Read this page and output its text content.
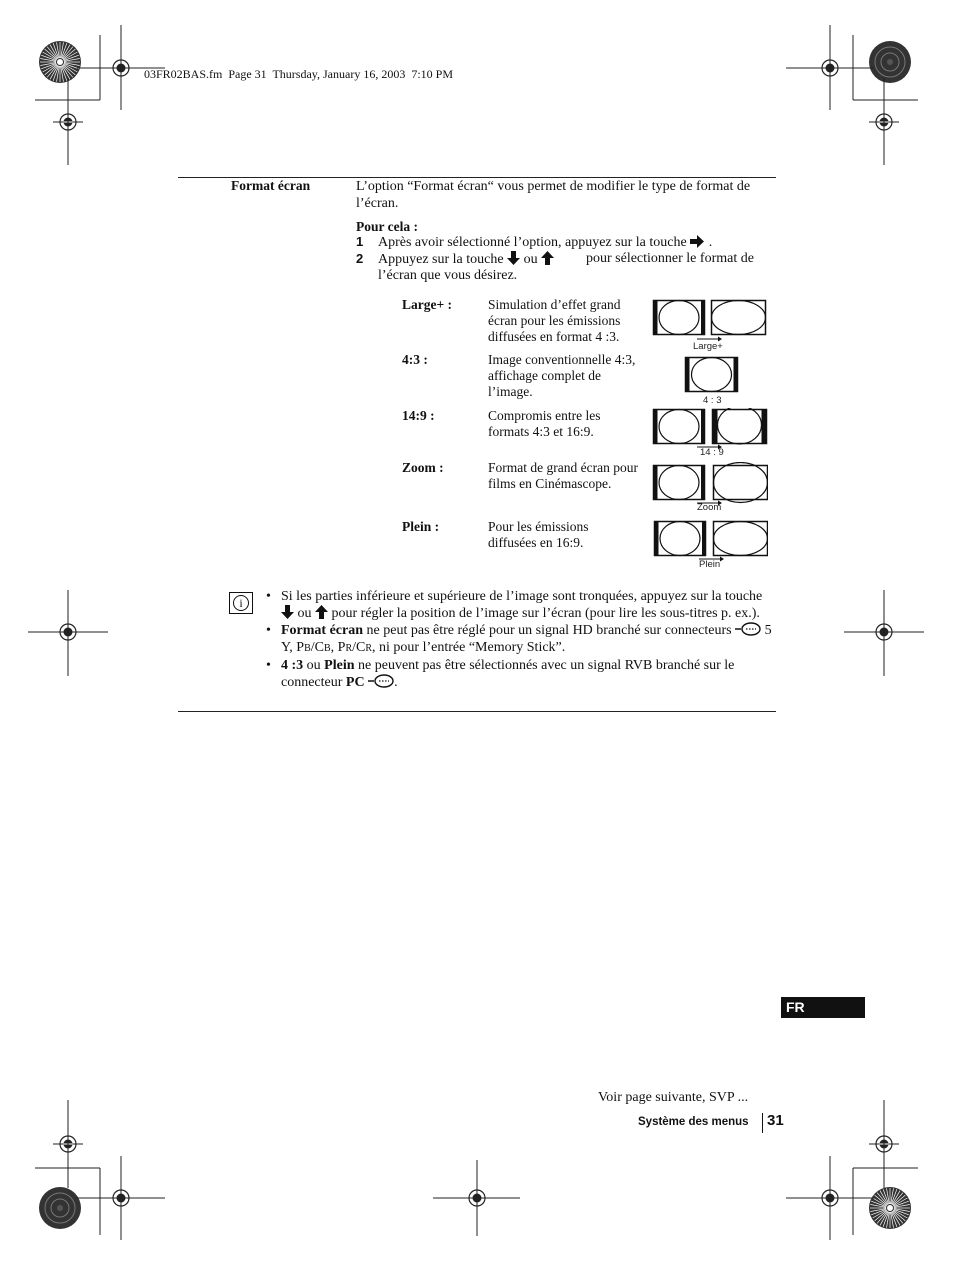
03FR02BAS.fm  Page 31  Thursday, January 16, 2003  7:10 PM
Format écran	L’option “Format écran“ vous permet de modifier le type de format de l’écran.
Pour cela :
1 Après avoir sélectionné l’option, appuyez sur la touche .
2 Appuyez sur la touche ou	pour sélectionner le format de l’écran que vous désirez.
Large+ :	Simulation d’effet grand écran pour les émissions diffusées en format 4 :3.
4:3 :	Image conventionnelle 4:3, affichage complet de l’image.
14:9 :	Compromis entre les formats 4:3 et 16:9.
Zoom :	Format de grand écran pour films en Cinémascope.
Plein :	Pour les émissions diffusées en 16:9.
Large+
4 : 3
14 : 9
Zoom
Plein
i	• Si les parties inférieure et supérieure de l’image sont tronquées, appuyez sur la touche  ou pour régler la position de l’image sur l’écran (pour lire les sous-titres p. ex.).
• Format écran ne peut pas être réglé pour un signal HD branché sur connecteurs 5 Y, PB/CB, PR/CR, ni pour l’entrée “Memory Stick”.
• 4 :3 ou Plein ne peuvent pas être sélectionnés avec un signal RVB branché sur le connecteur PC .
FR
Voir page suivante, SVP ...
Système des menus 31
